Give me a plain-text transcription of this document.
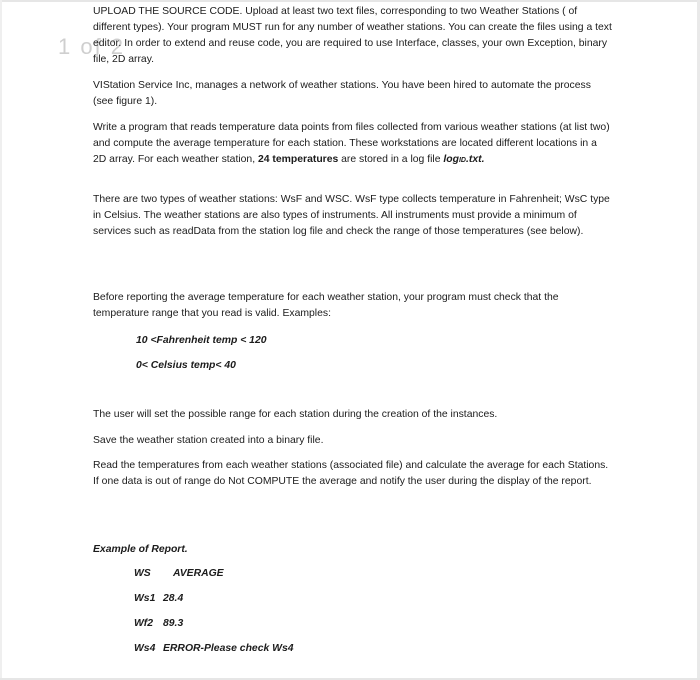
1 of 2

UPLOAD THE SOURCE CODE. Upload at least two text files, corresponding to two Weather Stations ( of different types). Your program MUST run for any number of weather stations. You can create the files using a text editor. In order to extend and reuse code, you are required to use Interface, classes, your own Exception, binary file, 2D array.

VIStation Service Inc, manages a network of weather stations. You have been hired to automate the process (see figure 1).

Write a program that reads temperature data points from files collected from various weather stations (at list two) and compute the average temperature for each station. These workstations are located different locations in a 2D array. For each weather station, 24 temperatures are stored in a log file logID.txt.

There are two types of weather stations: WsF and WSC. WsF type collects temperature in Fahrenheit; WsC type in Celsius. The weather stations are also types of instruments. All instruments must provide a minimum of services such as readData from the station log file and check the range of those temperatures (see below).

Before reporting the average temperature for each weather station, your program must check that the temperature range that you read is valid. Examples:

10 <Fahrenheit temp < 120
0< Celsius temp< 40

The user will set the possible range for each station during the creation of the instances.

Save the weather station created into a binary file.

Read the temperatures from each weather stations (associated file) and calculate the average for each Stations. If one data is out of range do Not COMPUTE the average and notify the user during the display of the report.

Example of Report.
WS AVERAGE
Ws1 28.4
Wf2 89.3
Ws4 ERROR-Please check Ws4
